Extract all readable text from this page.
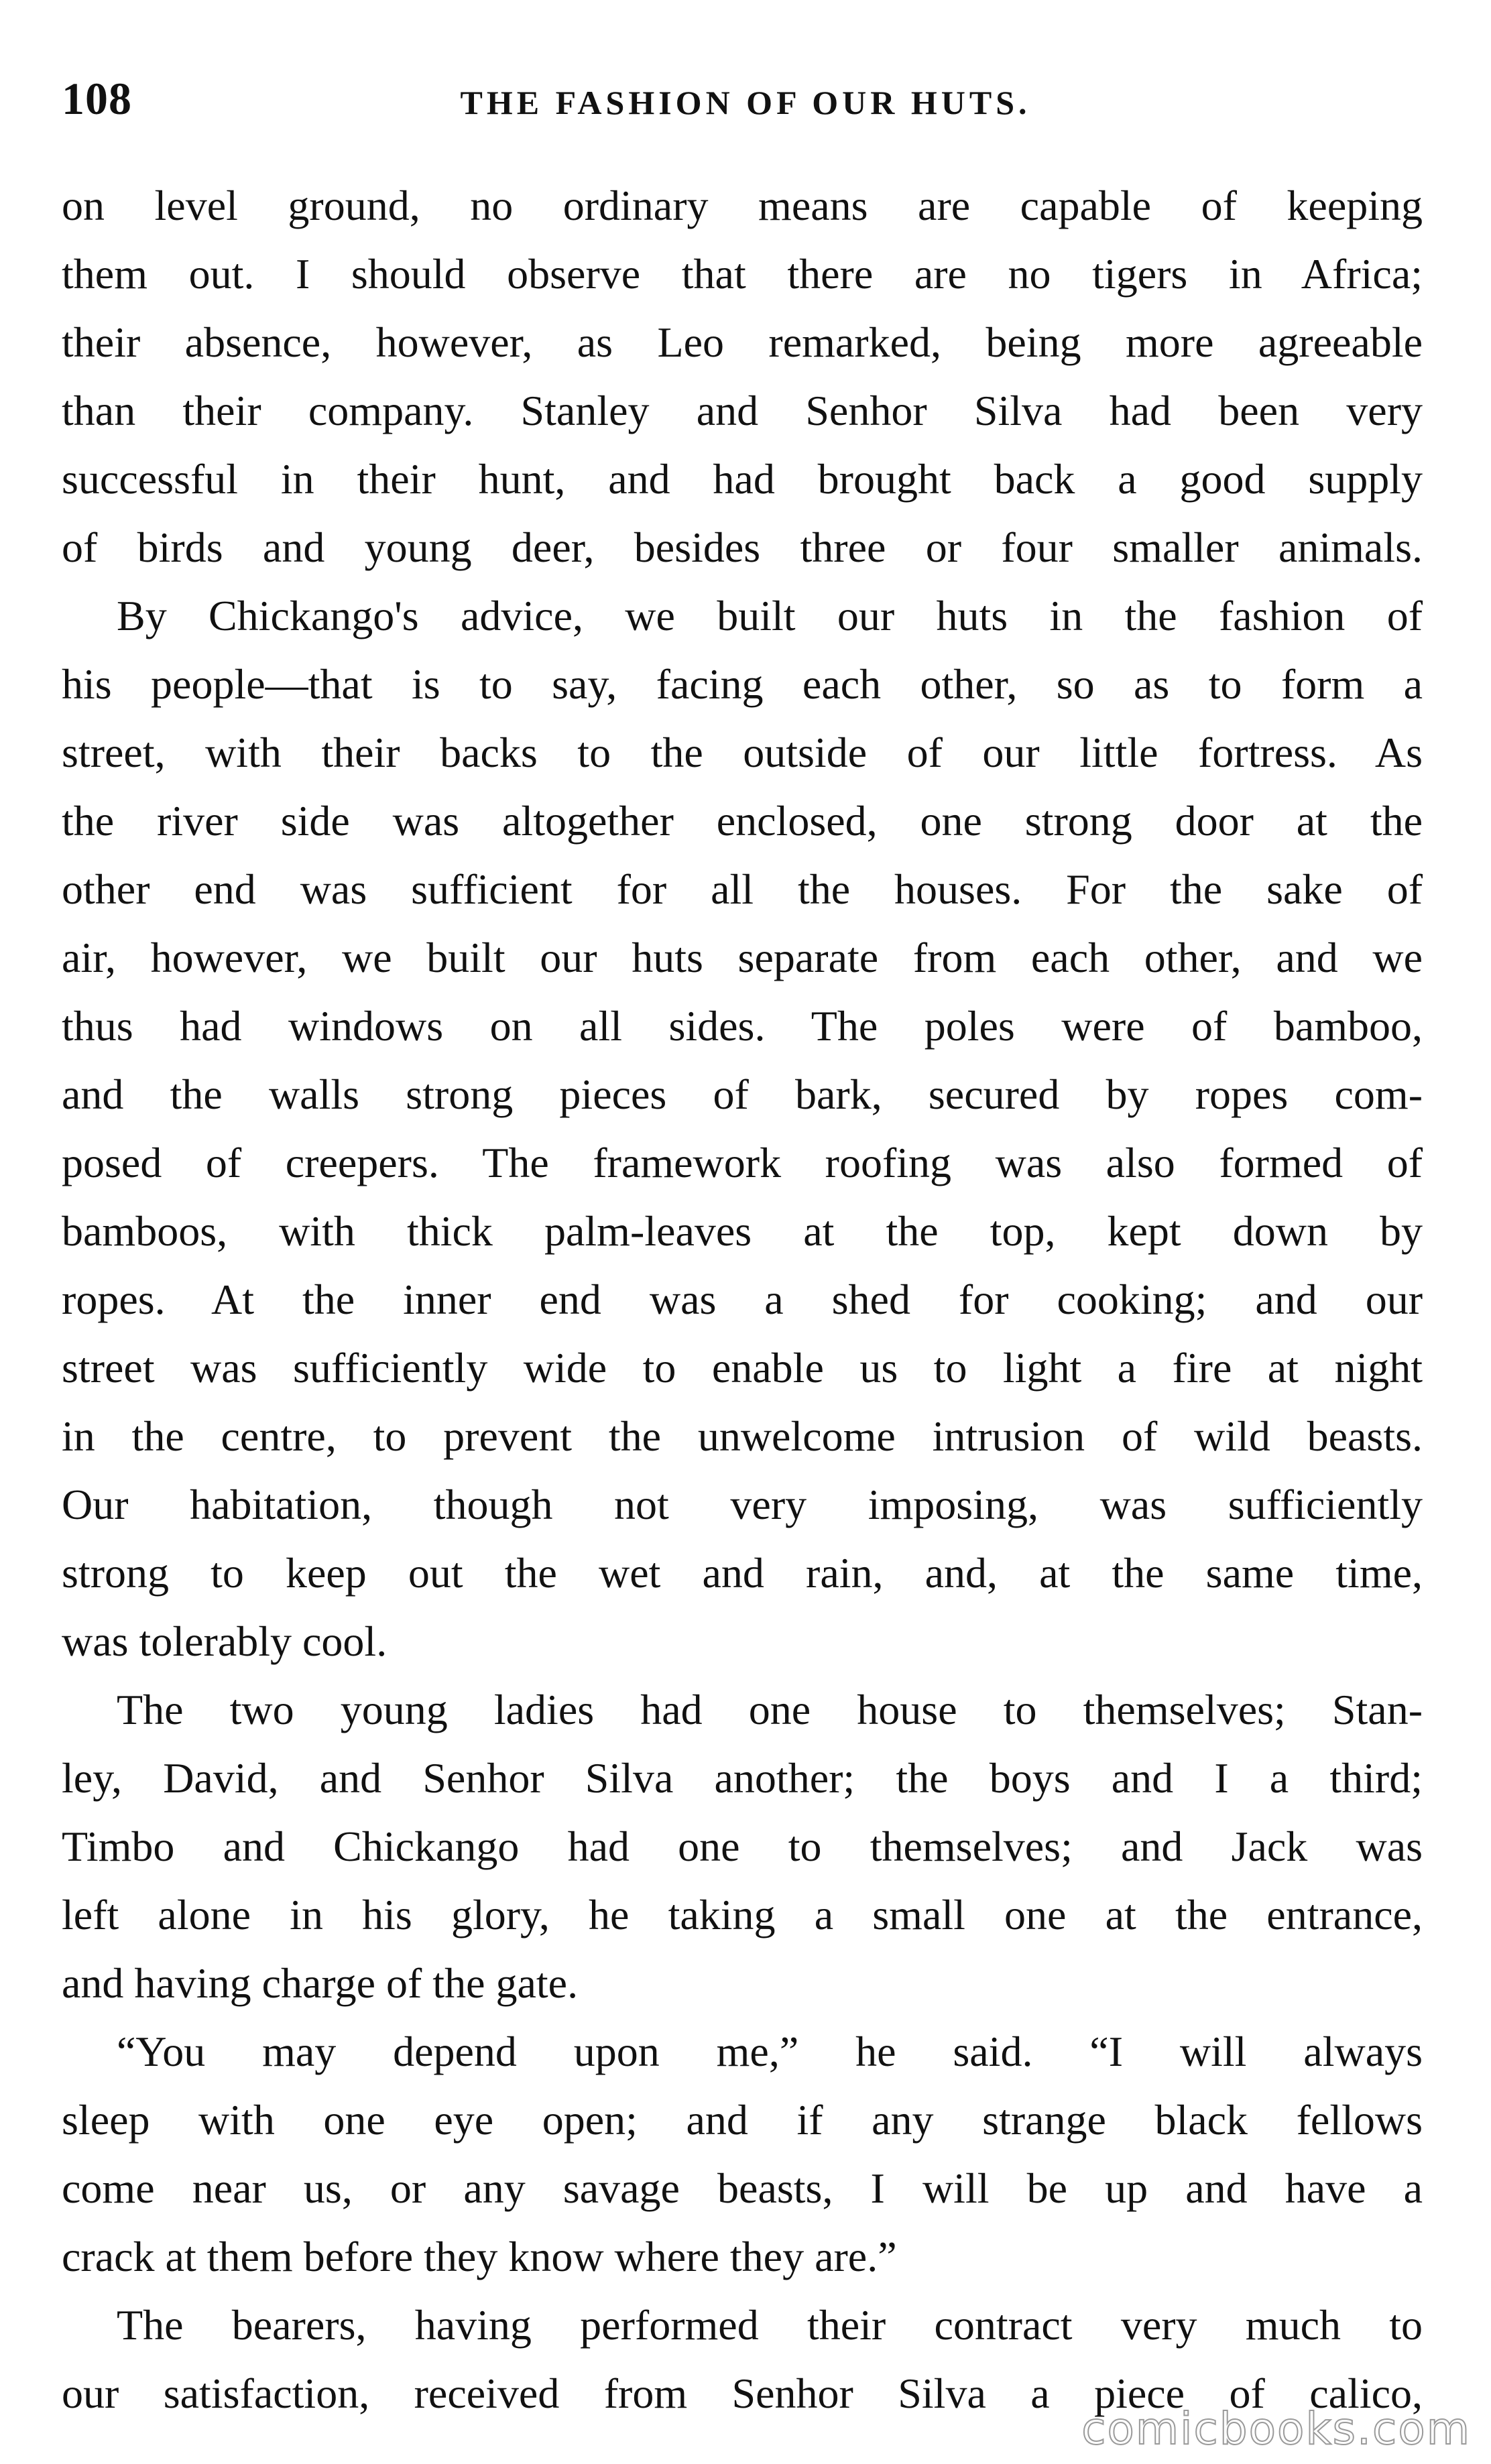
108	THE FASHION OF OUR HUTS.

on level ground, no ordinary means are capable of keeping
them out. I should observe that there are no tigers in Africa;
their absence, however, as Leo remarked, being more agreeable
than their company. Stanley and Senhor Silva had been very
successful in their hunt, and had brought back a good supply
of birds and young deer, besides three or four smaller animals.

By Chickango's advice, we built our huts in the fashion of
his people—that is to say, facing each other, so as to form a
street, with their backs to the outside of our little fortress. As
the river side was altogether enclosed, one strong door at the
other end was sufficient for all the houses. For the sake of
air, however, we built our huts separate from each other, and we
thus had windows on all sides. The poles were of bamboo,
and the walls strong pieces of bark, secured by ropes com-
posed of creepers. The framework roofing was also formed of
bamboos, with thick palm-leaves at the top, kept down by
ropes. At the inner end was a shed for cooking; and our
street was sufficiently wide to enable us to light a fire at night
in the centre, to prevent the unwelcome intrusion of wild beasts.
Our habitation, though not very imposing, was sufficiently
strong to keep out the wet and rain, and, at the same time,
was tolerably cool.

The two young ladies had one house to themselves; Stan-
ley, David, and Senhor Silva another; the boys and I a third;
Timbo and Chickango had one to themselves; and Jack was
left alone in his glory, he taking a small one at the entrance,
and having charge of the gate.

“You may depend upon me,” he said. “I will always
sleep with one eye open; and if any strange black fellows
come near us, or any savage beasts, I will be up and have a
crack at them before they know where they are.”

The bearers, having performed their contract very much to
our satisfaction, received from Senhor Silva a piece of calico,

comicbooks.com
